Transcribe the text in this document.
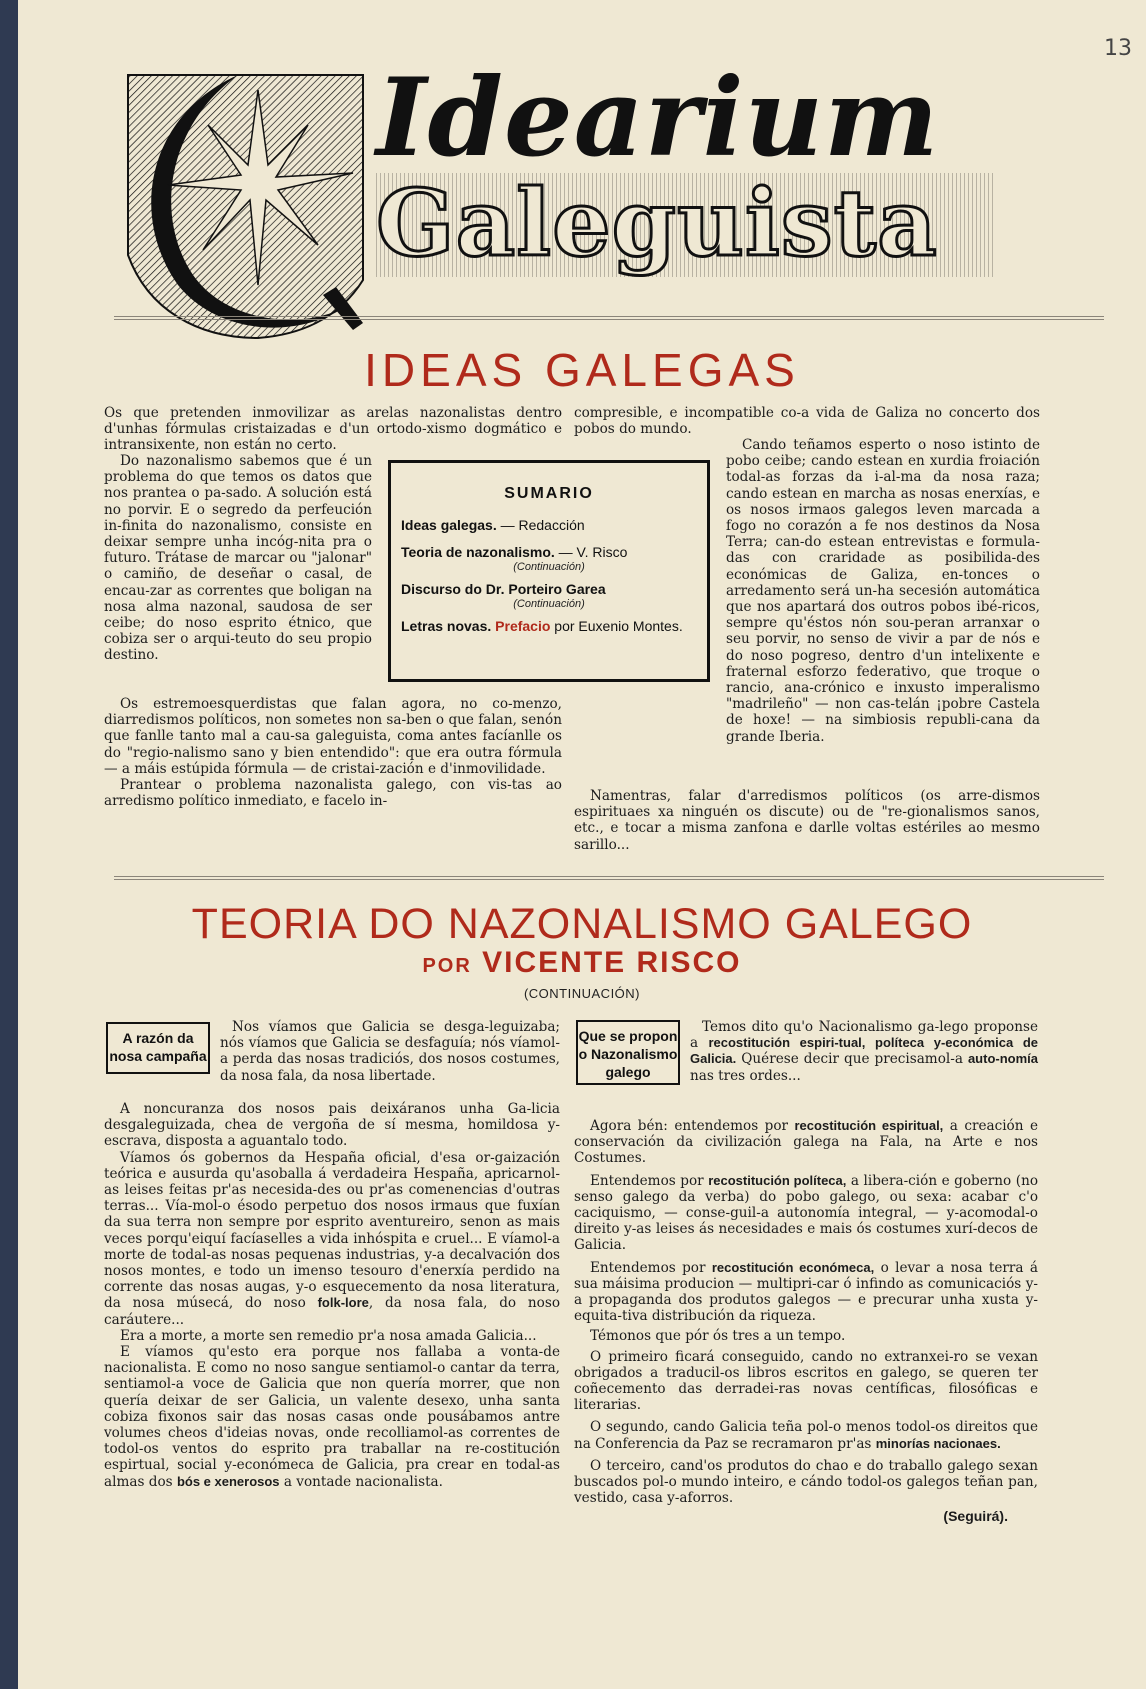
13
Idearium
Galeguista
IDEAS GALEGAS

Os que pretenden inmovilizar as arelas nazonalistas dentro d'unhas fórmulas cristaizadas e d'un ortodo-xismo dogmático e intransixente, non están no certo.

Do nazonalismo sabemos que é un problema do que temos os datos que nos prantea o pa-sado. A solución está no porvir. E o segredo da perfeución in-finita do nazonalismo, consiste en deixar sempre unha incóg-nita pra o futuro. Trátase de marcar ou "jalonar" o camiño, de deseñar o casal, de encau-zar as correntes que boligan na nosa alma nazonal, saudosa de ser ceibe; do noso esprito étnico, que cobiza ser o arqui-teuto do seu propio destino.

Os estremoesquerdistas que falan agora, no co-menzo, diarredismos políticos, non sometes non sa-ben o que falan, senón que fanlle tanto mal a cau-sa galeguista, coma antes facíanlle os do "regio-nalismo sano y bien entendido": que era outra fórmula — a máis estúpida fórmula — de cristai-zación e d'inmovilidade.

Prantear o problema nazonalista galego, con vis-tas ao arredismo político inmediato, e facelo in-

compresible, e incompatible co-a vida de Galiza no concerto dos pobos do mundo.

Cando teñamos esperto o noso istinto de pobo ceibe; cando estean en xurdia froiación todal-as forzas da i-al-ma da nosa raza; cando estean en marcha as nosas enerxías, e os nosos irmaos galegos leven marcada a fogo no corazón a fe nos destinos da Nosa Terra; can-do estean entrevistas e formula-das con craridade as posibilida-des económicas de Galiza, en-tonces o arredamento será un-ha secesión automática que nos apartará dos outros pobos ibé-ricos, sempre qu'éstos nón sou-peran arranxar o seu porvir, no senso de vivir a par de nós e do noso pogreso, dentro d'un intelixente e fraternal esforzo federativo, que troque o rancio, ana-crónico e inxusto imperalismo "madrileño" — non cas-telán ¡pobre Castela de hoxe! — na simbiosis republi-cana da grande Iberia.

Namentras, falar d'arredismos políticos (os arre-dismos espirituaes xa ninguén os discute) ou de "re-gionalismos sanos, etc., e tocar a misma zanfona e darlle voltas estériles ao mesmo sarillo...

SUMARIO
Ideas galegas. — Redacción
Teoria de nazonalismo. — V. Risco
(Continuación)
Discurso do Dr. Porteiro Garea
(Continuación)
Letras novas. Prefacio por Euxenio Montes.
TEORIA DO NAZONALISMO GALEGO
POR VICENTE RISCO
(CONTINUACIÓN)
A razón da nosa campaña

Nos víamos que Galicia se desga-leguizaba; nós víamos que Galicia se desfaguía; nós víamol-a perda das nosas tradiciós, dos nosos costumes, da nosa fala, da nosa libertade.

A noncuranza dos nosos pais deixáranos unha Ga-licia desgaleguizada, chea de vergoña de sí mesma, homildosa y-escrava, disposta a aguantalo todo.

Víamos ós gobernos da Hespaña oficial, d'esa or-gaización teórica e ausurda qu'asoballa á verdadeira Hespaña, apricarnol-as leises feitas pr'as necesida-des ou pr'as comenencias d'outras terras... Vía-mol-o ésodo perpetuo dos nosos irmaus que fuxían da sua terra non sempre por esprito aventureiro, senon as mais veces porqu'eiquí facíaselles a vida inhóspita e cruel... E víamol-a morte de todal-as nosas pequenas industrias, y-a decalvación dos nosos montes, e todo un imenso tesouro d'enerxía perdido na corrente das nosas augas, y-o esquecemento da nosa literatura, da nosa músecá, do noso folk-lore, da nosa fala, do noso caráutere...

Era a morte, a morte sen remedio pr'a nosa amada Galicia...

E víamos qu'esto era porque nos fallaba a vonta-de nacionalista. E como no noso sangue sentiamol-o cantar da terra, sentiamol-a voce de Galicia que non quería morrer, que non quería deixar de ser Galicia, un valente desexo, unha santa cobiza fixonos sair das nosas casas onde pousábamos antre volumes cheos d'ideias novas, onde recolliamol-as correntes de todol-os ventos do esprito pra traballar na re-costitución espirtual, social y-económeca de Galicia, pra crear en todal-as almas dos bós e xenerosos a vontade nacionalista.

Que se propon o Nazonalismo galego

Temos dito qu'o Nacionalismo ga-lego proponse a recostitución espiri-tual, políteca y-económica de Galicia. Quérese decir que precisamol-a auto-nomía nas tres ordes...

Agora bén: entendemos por recostitución espiritual, a creación e conservación da civilización galega na Fala, na Arte e nos Costumes.

Entendemos por recostitución políteca, a libera-ción e goberno (no senso galego da verba) do pobo galego, ou sexa: acabar c'o caciquismo, — conse-guil-a autonomía integral, — y-acomodal-o direito y-as leises ás necesidades e mais ós costumes xurí-decos de Galicia.

Entendemos por recostitución económeca, o levar a nosa terra á sua máisima producion — multipri-car ó infindo as comunicaciós y-a propaganda dos produtos galegos — e precurar unha xusta y-equita-tiva distribución da riqueza.

Témonos que pór ós tres a un tempo.

O primeiro ficará conseguido, cando no extranxei-ro se vexan obrigados a traducil-os libros escritos en galego, se queren ter coñecemento das derradei-ras novas centíficas, filosóficas e literarias.

O segundo, cando Galicia teña pol-o menos todol-os direitos que na Conferencia da Paz se recramaron pr'as minorías nacionaes.

O terceiro, cand'os produtos do chao e do traballo galego sexan buscados pol-o mundo inteiro, e cándo todol-os galegos teñan pan, vestido, casa y-aforros.

(Seguirá).
